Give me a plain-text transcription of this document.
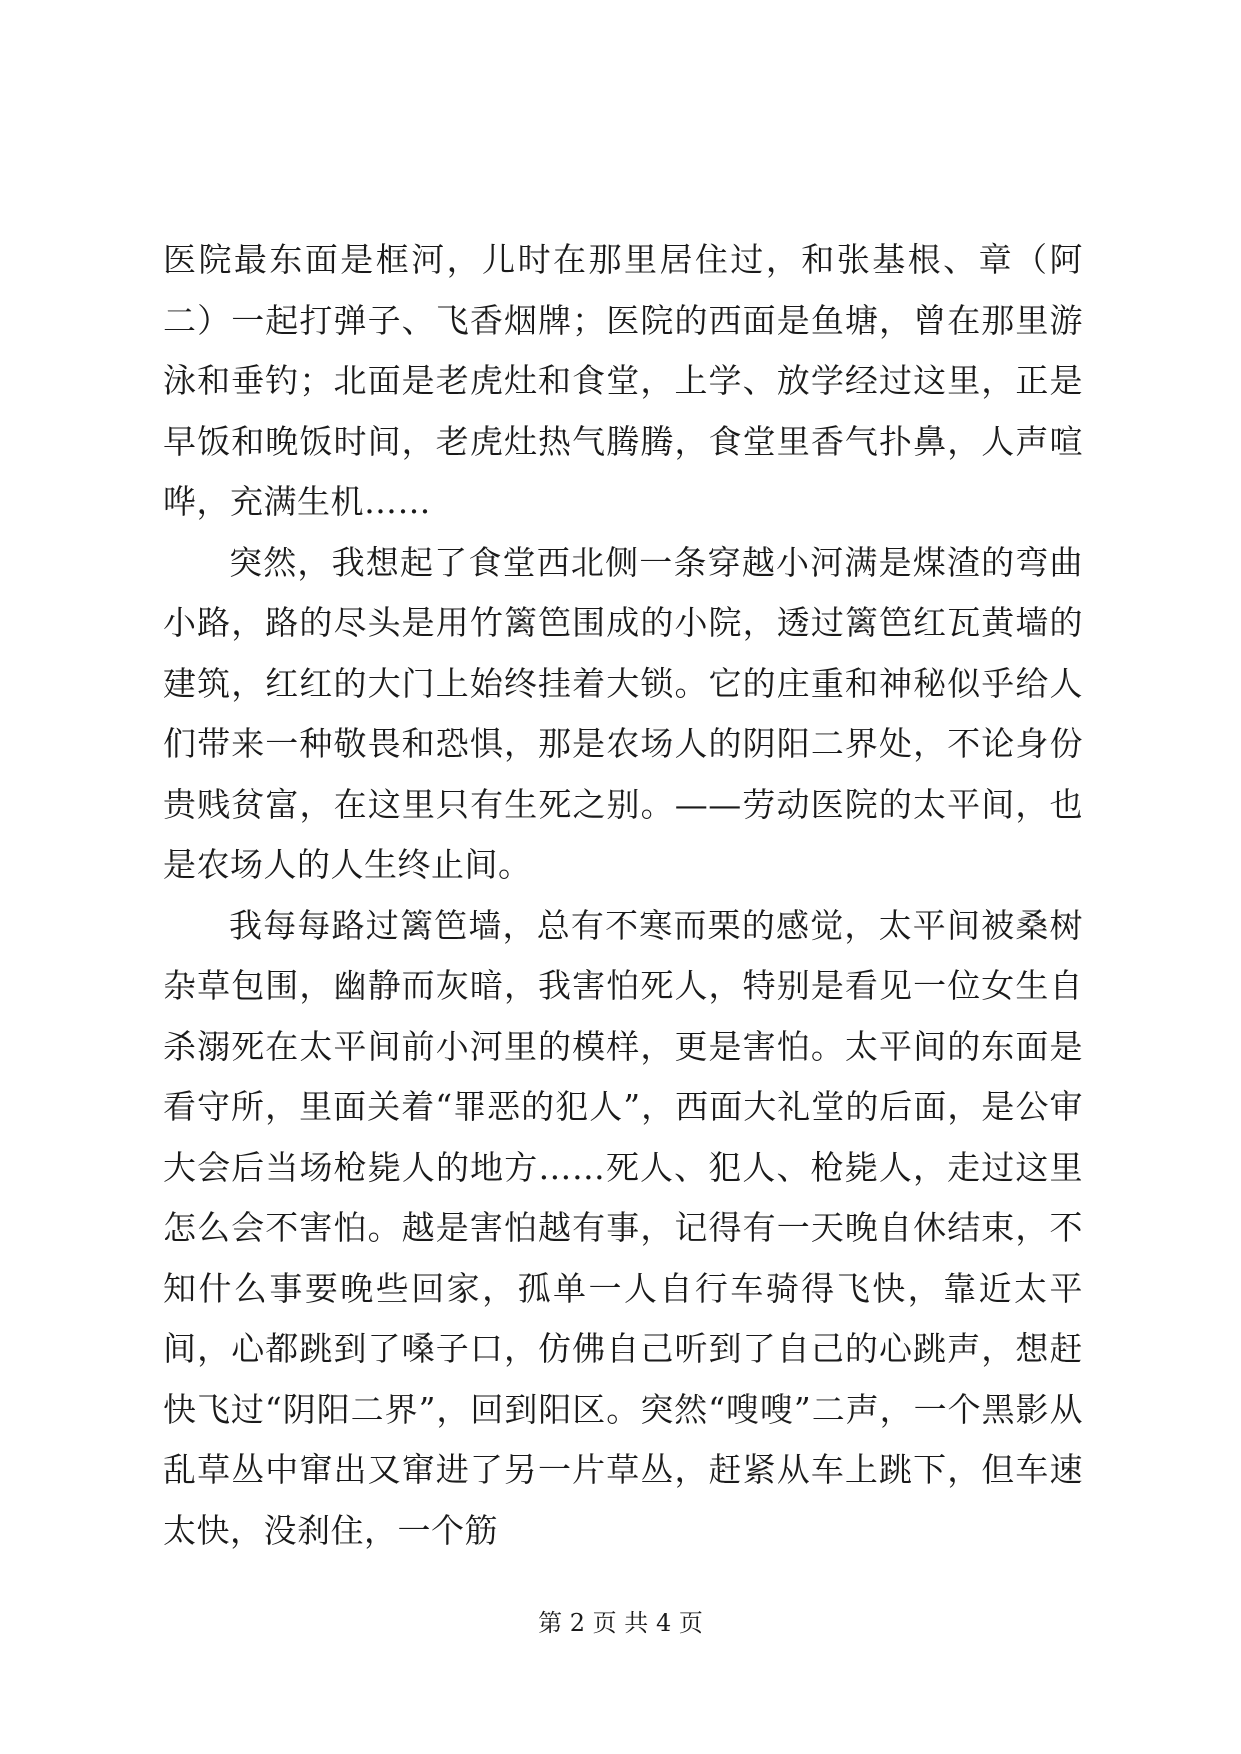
医院最东面是框河，儿时在那里居住过，和张基根、章（阿二）一起打弹子、飞香烟牌；医院的西面是鱼塘，曾在那里游泳和垂钓；北面是老虎灶和食堂，上学、放学经过这里，正是早饭和晚饭时间，老虎灶热气腾腾，食堂里香气扑鼻，人声喧哗，充满生机……

突然，我想起了食堂西北侧一条穿越小河满是煤渣的弯曲小路，路的尽头是用竹篱笆围成的小院，透过篱笆红瓦黄墙的建筑，红红的大门上始终挂着大锁。它的庄重和神秘似乎给人们带来一种敬畏和恐惧，那是农场人的阴阳二界处，不论身份贵贱贫富，在这里只有生死之别。——劳动医院的太平间，也是农场人的人生终止间。

我每每路过篱笆墙，总有不寒而栗的感觉，太平间被桑树杂草包围，幽静而灰暗，我害怕死人，特别是看见一位女生自杀溺死在太平间前小河里的模样，更是害怕。太平间的东面是看守所，里面关着“罪恶的犯人”，西面大礼堂的后面，是公审大会后当场枪毙人的地方……死人、犯人、枪毙人，走过这里怎么会不害怕。越是害怕越有事，记得有一天晚自休结束，不知什么事要晚些回家，孤单一人自行车骑得飞快，靠近太平间，心都跳到了嗓子口，仿佛自己听到了自己的心跳声，想赶快飞过“阴阳二界”，回到阳区。突然“嗖嗖”二声，一个黑影从乱草丛中窜出又窜进了另一片草丛，赶紧从车上跳下，但车速太快，没刹住，一个筋

第 2 页 共 4 页
